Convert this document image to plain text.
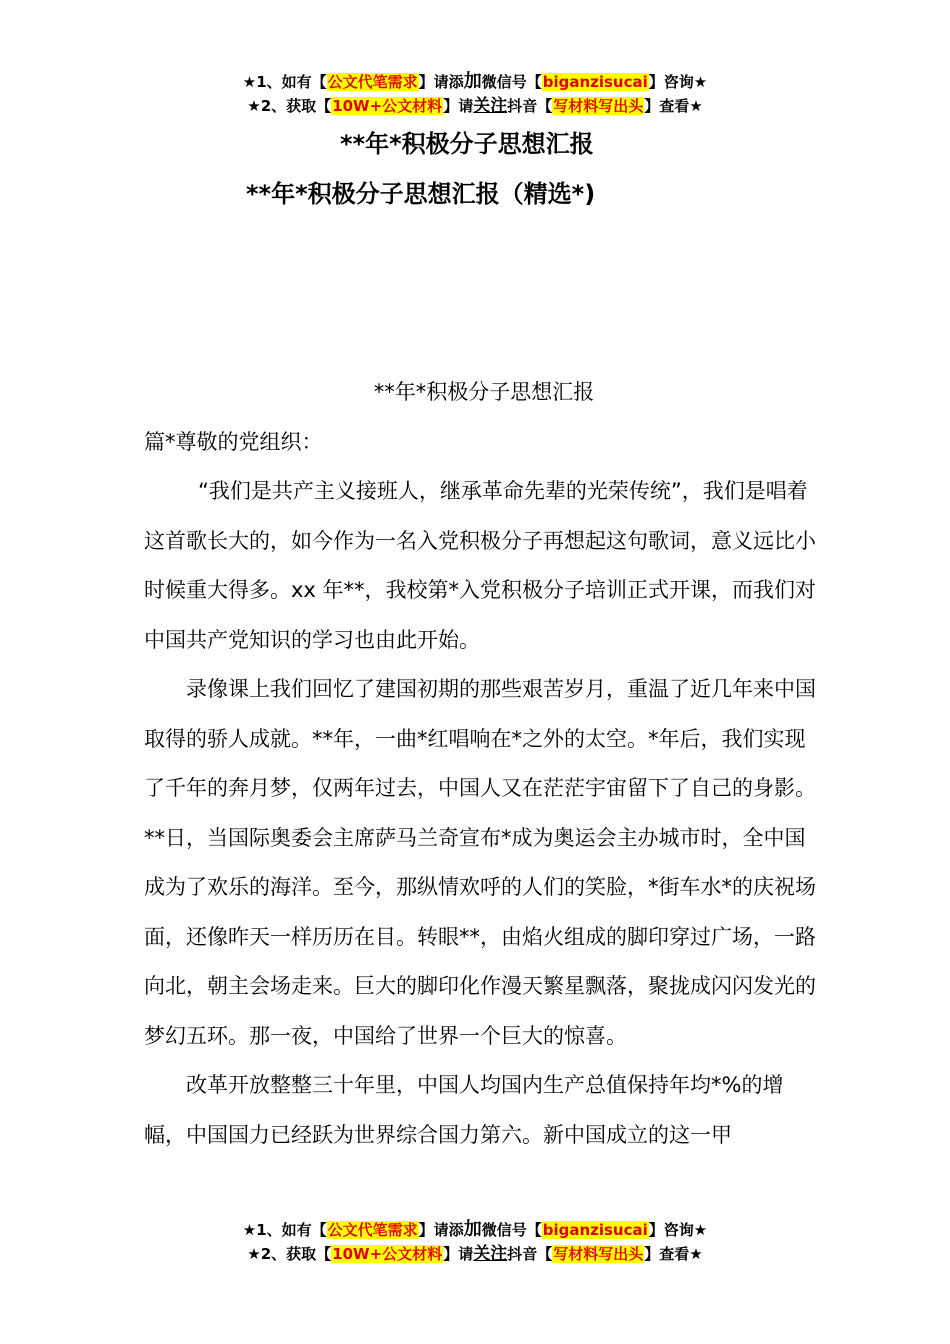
★1、如有【公文代笔需求】请添加微信号【biganzisucai】咨询★
★2、获取【10W+公文材料】请关注抖音【写材料写出头】查看★
**年*积极分子思想汇报
**年*积极分子思想汇报（精选*)

**年*积极分子思想汇报

篇*尊敬的党组织：

“我们是共产主义接班人，继承革命先辈的光荣传统”，我们是唱着这首歌长大的，如今作为一名入党积极分子再想起这句歌词，意义远比小时候重大得多。xx 年**，我校第*入党积极分子培训正式开课，而我们对中国共产党知识的学习也由此开始。

录像课上我们回忆了建国初期的那些艰苦岁月，重温了近几年来中国取得的骄人成就。**年，一曲*红唱响在*之外的太空。*年后，我们实现了千年的奔月梦，仅两年过去，中国人又在茫茫宇宙留下了自己的身影。**日，当国际奥委会主席萨马兰奇宣布*成为奥运会主办城市时，全中国成为了欢乐的海洋。至今，那纵情欢呼的人们的笑脸，*街车水*的庆祝场面，还像昨天一样历历在目。转眼**，由焰火组成的脚印穿过广场，一路向北，朝主会场走来。巨大的脚印化作漫天繁星飘落，聚拢成闪闪发光的梦幻五环。那一夜，中国给了世界一个巨大的惊喜。

改革开放整整三十年里，中国人均国内生产总值保持年均*%的增幅，中国国力已经跃为世界综合国力第六。新中国成立的这一甲

★1、如有【公文代笔需求】请添加微信号【biganzisucai】咨询★
★2、获取【10W+公文材料】请关注抖音【写材料写出头】查看★
